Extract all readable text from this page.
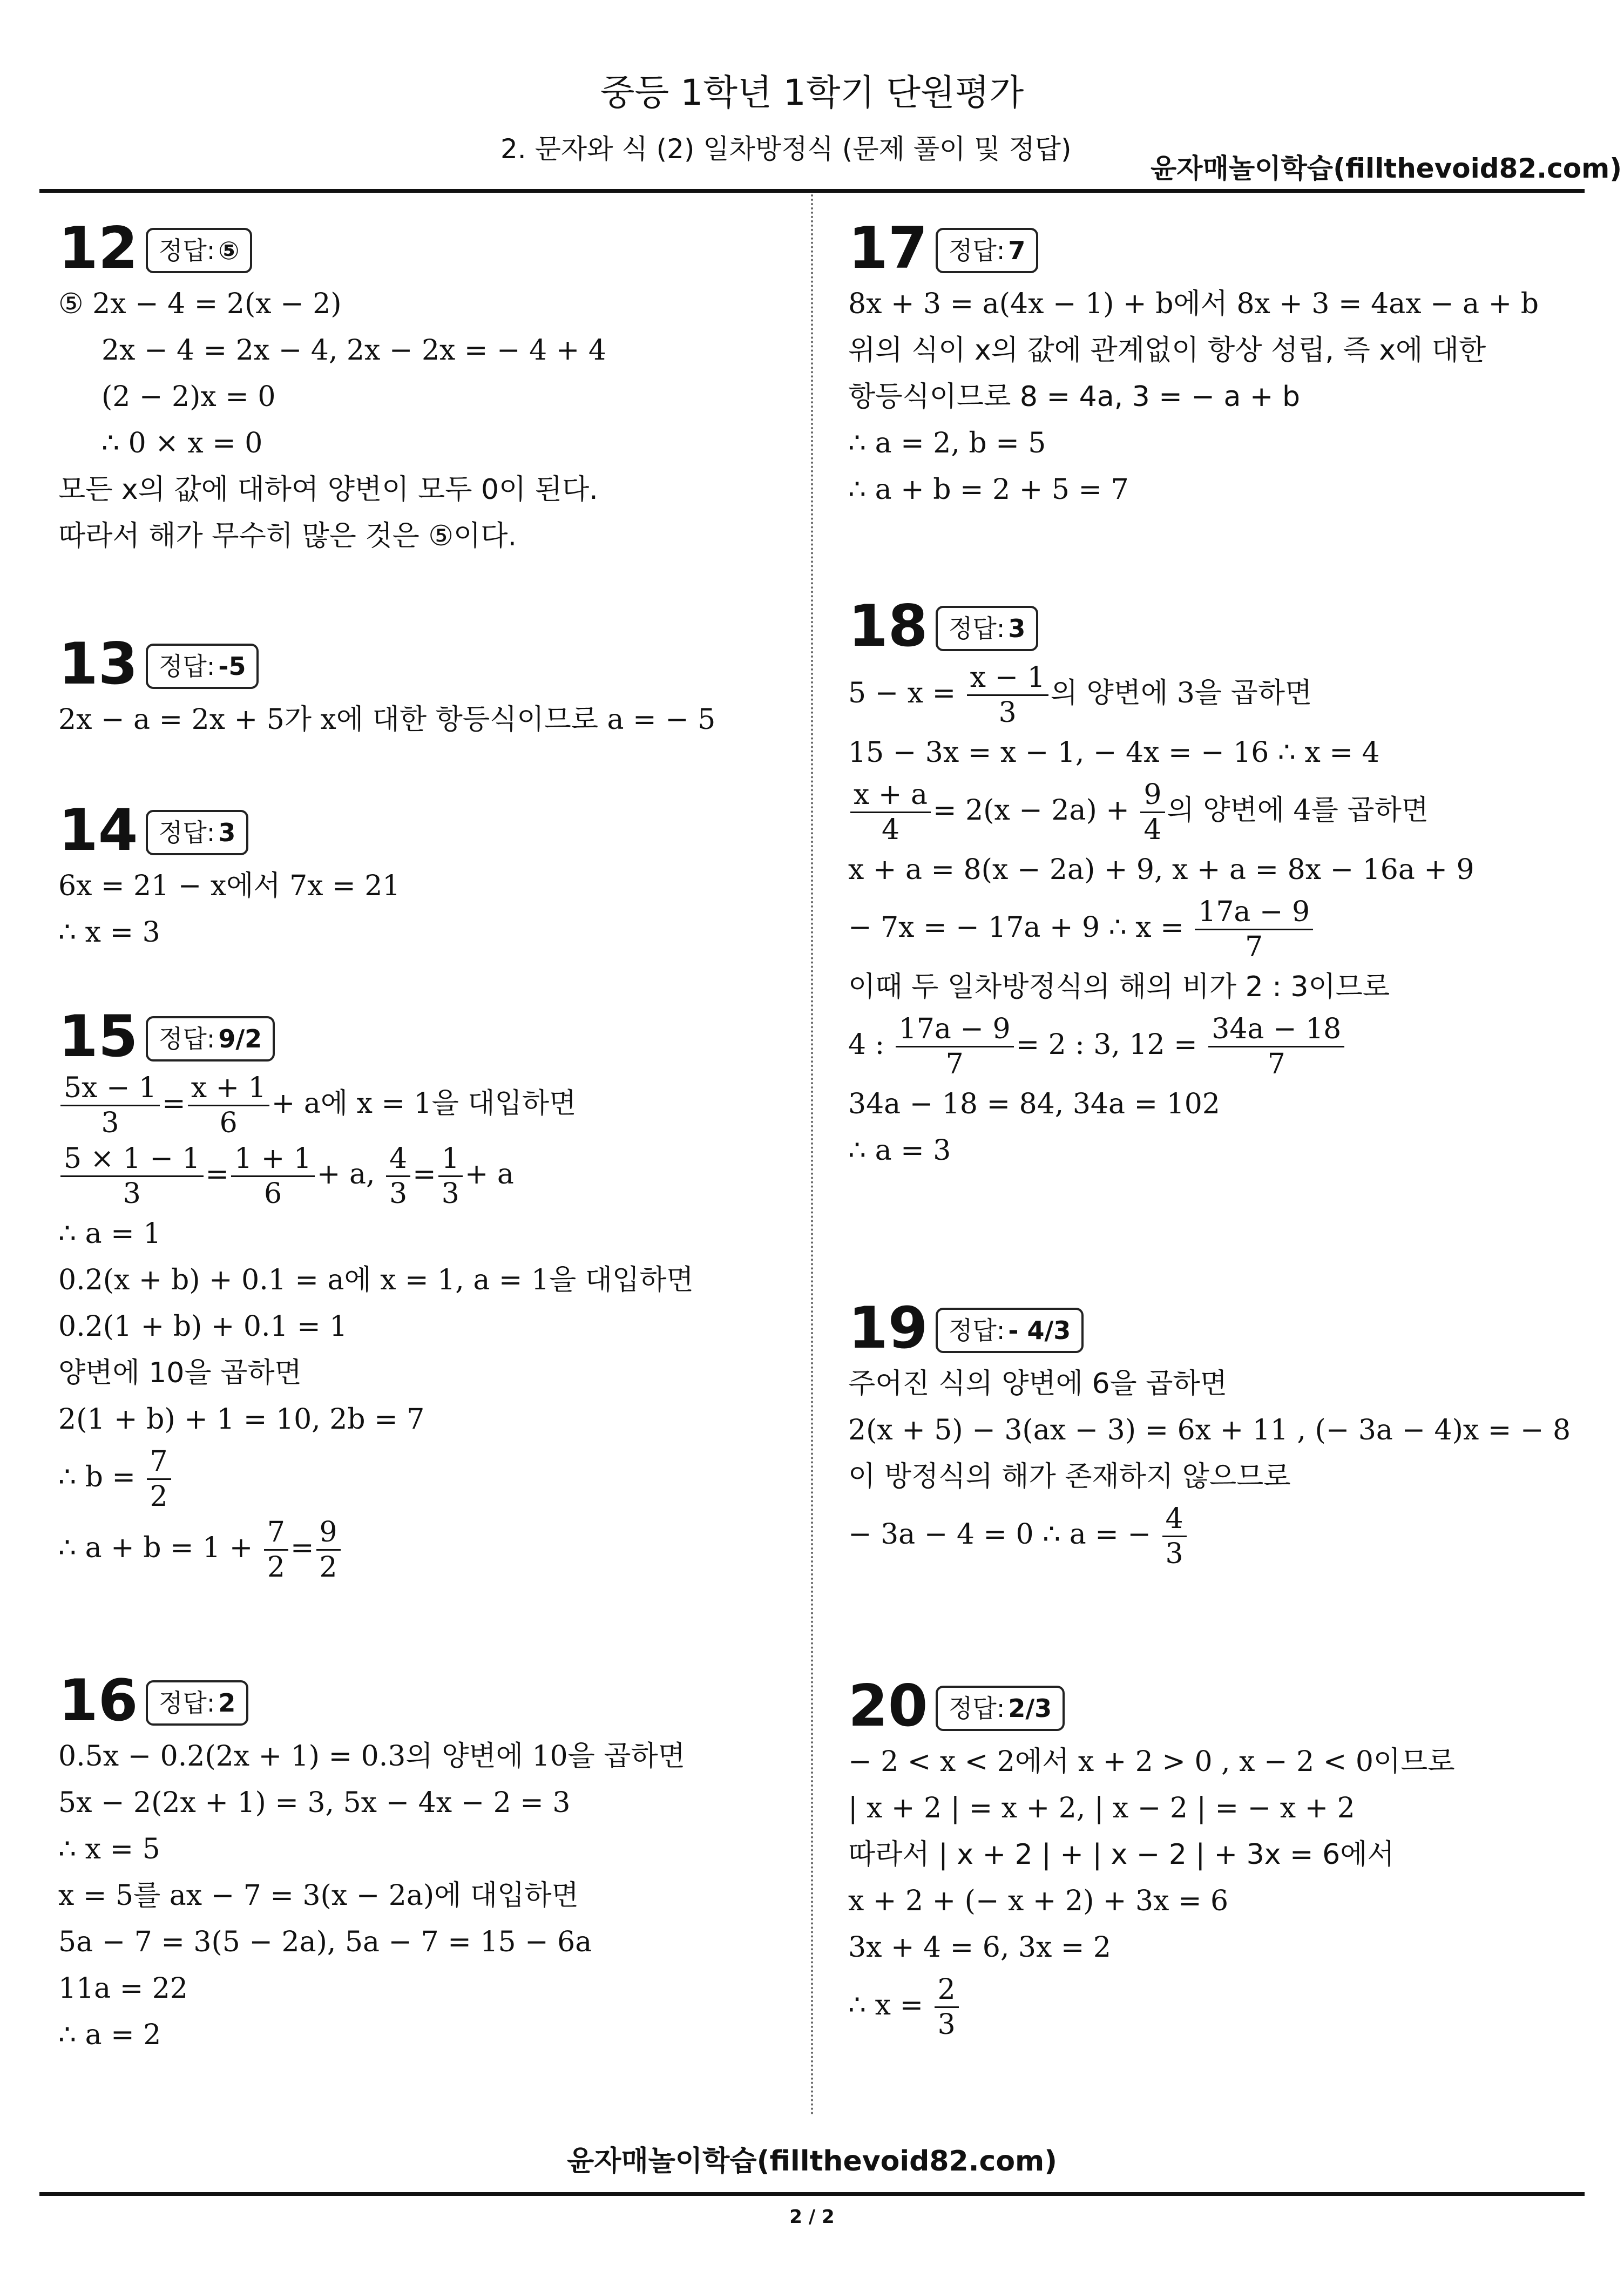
중등 1학년 1학기 단원평가
2. 문자와 식 (2) 일차방정식 (문제 풀이 및 정답)
윤자매놀이학습(fillthevoid82.com)
12 정답: ⑤
⑤ 2x − 4 = 2(x − 2)
2x − 4 = 2x − 4, 2x − 2x = − 4 + 4
(2 − 2)x = 0
∴ 0 × x = 0
모든 x의 값에 대하여 양변이 모두 0이 된다.
따라서 해가 무수히 많은 것은 ⑤이다.
13 정답: -5
2x − a = 2x + 5가 x에 대한 항등식이므로 a = − 5
14 정답: 3
6x = 21 − x에서 7x = 21
∴ x = 3
15 정답: 9/2
$\frac{5x - 1}{3} = \frac{x + 1}{6} + a$에 x = 1을 대입하면
$\frac{5 \times 1 - 1}{3} = \frac{1 + 1}{6} + a$, $\frac{4}{3} = \frac{1}{3} + a$
∴ a = 1
0.2(x + b) + 0.1 = a에 x = 1, a = 1을 대입하면
0.2(1 + b) + 0.1 = 1
양변에 10을 곱하면
2(1 + b) + 1 = 10, 2b = 7
∴ $b = \frac{7}{2}$
∴ $a + b = 1 + \frac{7}{2} = \frac{9}{2}$
16 정답: 2
0.5x − 0.2(2x + 1) = 0.3의 양변에 10을 곱하면
5x − 2(2x + 1) = 3, 5x − 4x − 2 = 3
∴ x = 5
x = 5를 ax − 7 = 3(x − 2a)에 대입하면
5a − 7 = 3(5 − 2a), 5a − 7 = 15 − 6a
11a = 22
∴ a = 2
17 정답: 7
8x + 3 = a(4x − 1) + b에서 8x + 3 = 4ax − a + b
위의 식이 x의 값에 관계없이 항상 성립, 즉 x에 대한
항등식이므로 8 = 4a, 3 = − a + b
∴ a = 2, b = 5
∴ a + b = 2 + 5 = 7
18 정답: 3
$5 - x = \frac{x - 1}{3}$ 의 양변에 3을 곱하면
15 − 3x = x − 1, − 4x = − 16 ∴ x = 4
$\frac{x + a}{4} = 2(x - 2a) + \frac{9}{4}$ 의 양변에 4를 곱하면
x + a = 8(x − 2a) + 9, x + a = 8x − 16a + 9
− 7x = − 17a + 9 ∴ $x = \frac{17a - 9}{7}$
이때 두 일차방정식의 해의 비가 2 : 3이므로
4 : $\frac{17a - 9}{7} = 2$ : 3, $12 = \frac{34a - 18}{7}$
34a − 18 = 84, 34a = 102
∴ a = 3
19 정답: - 4/3
주어진 식의 양변에 6을 곱하면
2(x + 5) − 3(ax − 3) = 6x + 11 , (− 3a − 4)x = − 8
이 방정식의 해가 존재하지 않으므로
− 3a − 4 = 0 ∴ a = − $\frac{4}{3}$
20 정답: 2/3
− 2 < x < 2에서 x + 2 > 0 , x − 2 < 0이므로
| x + 2 | = x + 2, | x − 2 | = − x + 2
따라서 | x + 2 | + | x − 2 | + 3x = 6에서
x + 2 + (− x + 2) + 3x = 6
3x + 4 = 6, 3x = 2
∴ $x = \frac{2}{3}$
윤자매놀이학습(fillthevoid82.com)
2 / 2
